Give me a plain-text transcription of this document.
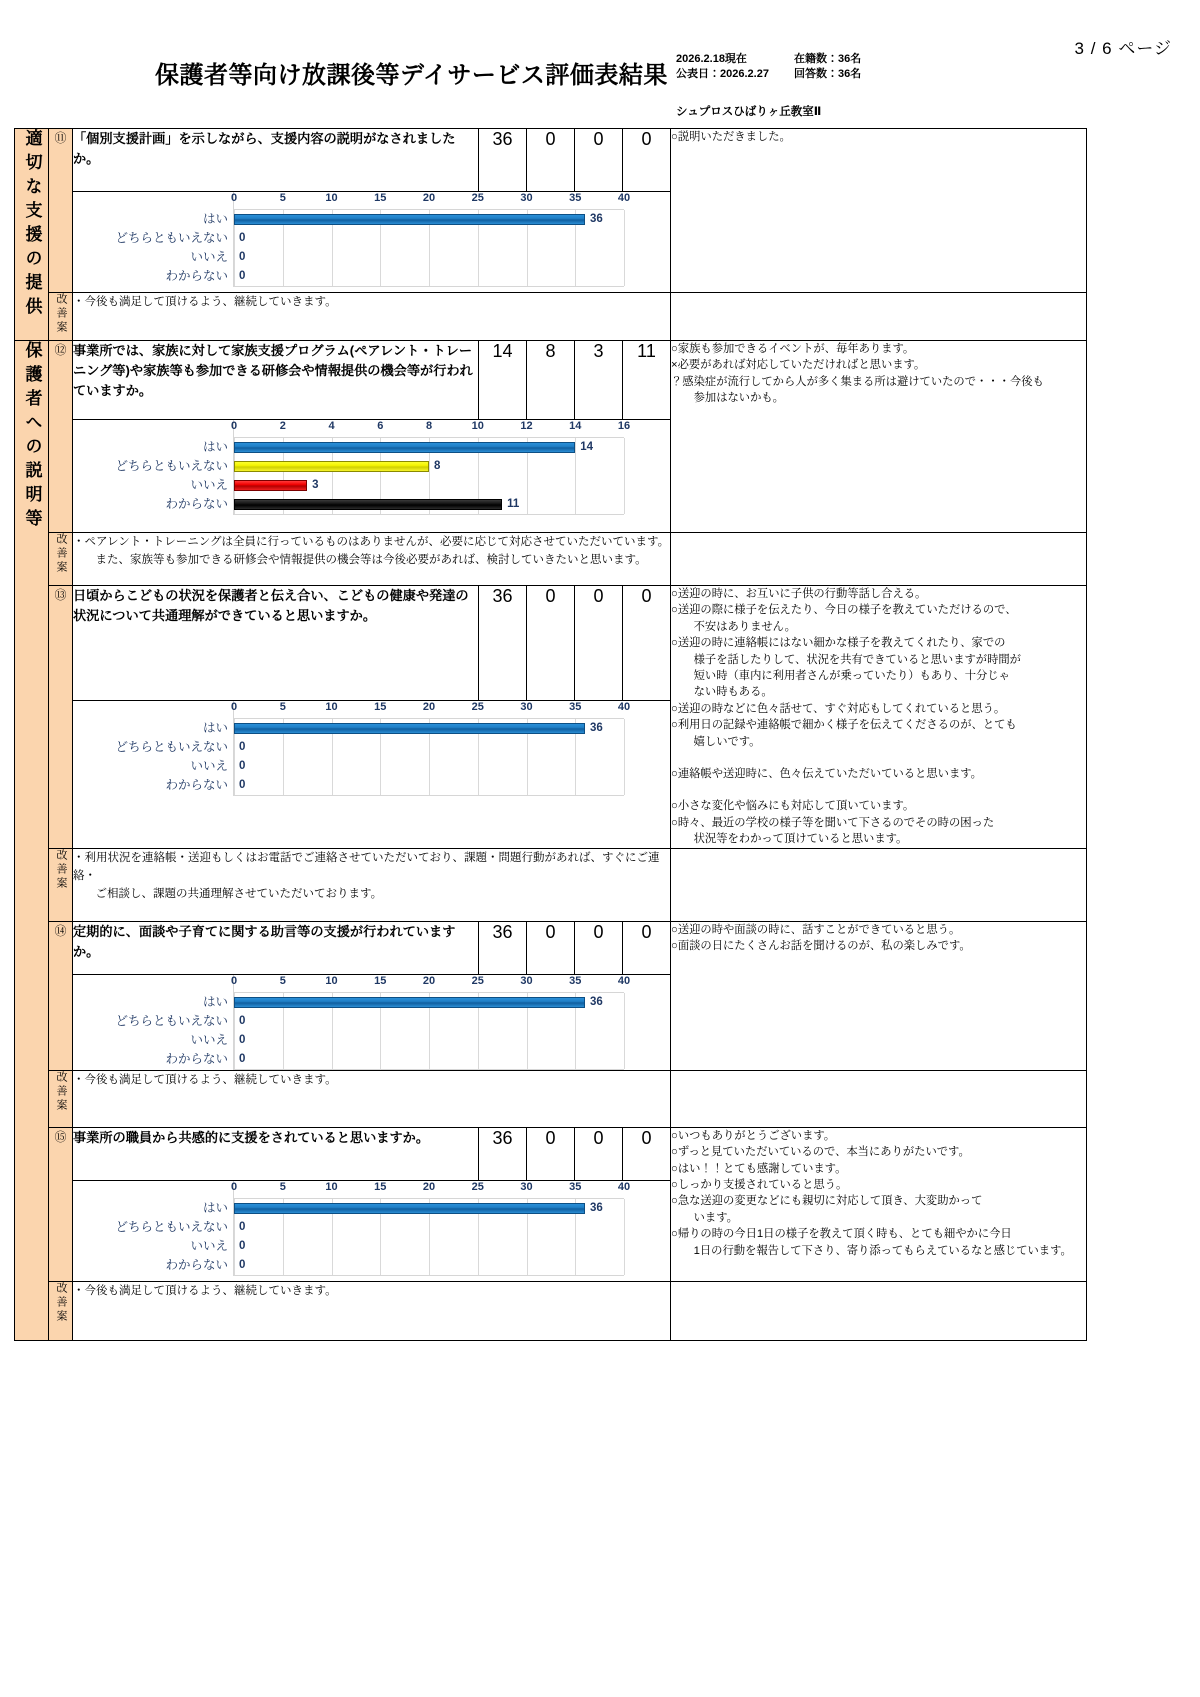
3 / 6 ページ
保護者等向け放課後等デイサービス評価表結果
2026.2.18現在	在籍数：36名
公表日：2026.2.27	回答数：36名
シュプロスひばりヶ丘教室Ⅱ
適切な支援の提供	⑪	「個別支援計画」を示しながら、支援内容の説明がなされましたか。	36	0	0	0	○説明いただきました。

0	5	10	15	20	25	30	35	40
はい	36
どちらともいえない 0
いいえ 0
わからない 0

	改善案	・今後も満足して頂けるよう、継続していきます。					

保護者への説明等	⑫	事業所では、家族に対して家族支援プログラム(ペアレント・トレーニング等)や家族等も参加できる研修会や情報提供の機会等が行われていますか。	14	8	3	11	○家族も参加できるイベントが、毎年あります。

×必要があれば対応していただければと思います。

？感染症が流行してから人が多く集まる所は避けていたので・・・今後も

　　参加はないかも。

0	2	4	6	8	10	12	14	16
はい	14
どちらともいえない	8
いいえ	3
わからない	11

	改善案	・ペアレント・トレーニングは全員に行っているものはありませんが、必要に応じて対応させていただいています。

　また、家族等も参加できる研修会や情報提供の機会等は今後必要があれば、検討していきたいと思います。					

⑬	日頃からこどもの状況を保護者と伝え合い、こどもの健康や発達の状況について共通理解ができていると思いますか。	36	0	0	0	○送迎の時に、お互いに子供の行動等話し合える。

○送迎の際に様子を伝えたり、今日の様子を教えていただけるので、

　　不安はありません。

○送迎の時に連絡帳にはない細かな様子を教えてくれたり、家での

　　様子を話したりして、状況を共有できていると思いますが時間が

　　短い時（車内に利用者さんが乗っていたり）もあり、十分じゃ

　　ない時もある。

○送迎の時などに色々話せて、すぐ対応もしてくれていると思う。

○利用日の記録や連絡帳で細かく様子を伝えてくださるのが、とても

　　嬉しいです。

○連絡帳や送迎時に、色々伝えていただいていると思います。

○小さな変化や悩みにも対応して頂いています。

○時々、最近の学校の様子等を聞いて下さるのでその時の困った

　　状況等をわかって頂けていると思います。

0	5	10	15	20	25	30	35	40
はい	36
どちらともいえない 0
いいえ 0
わからない 0

	改善案	・利用状況を連絡帳・送迎もしくはお電話でご連絡させていただいており、課題・問題行動があれば、すぐにご連絡・

　ご相談し、課題の共通理解させていただいております。					

	⑭	定期的に、面談や子育てに関する助言等の支援が行われていますか。	36	0	0	0	○送迎の時や面談の時に、話すことができていると思う。

○面談の日にたくさんお話を聞けるのが、私の楽しみです。

0	5	10	15	20	25	30	35	40
はい	36
どちらともいえない 0
いいえ 0
わからない 0

	改善案	・今後も満足して頂けるよう、継続していきます。					

⑮	事業所の職員から共感的に支援をされていると思いますか。	36	0	0	0	○いつもありがとうございます。

○ずっと見ていただいているので、本当にありがたいです。

○はい！！とても感謝しています。

○しっかり支援されていると思う。

○急な送迎の変更などにも親切に対応して頂き、大変助かって

　　います。

○帰りの時の今日1日の様子を教えて頂く時も、とても細やかに今日

　　1日の行動を報告して下さり、寄り添ってもらえているなと感じています。

0	5	10	15	20	25	30	35	40
はい	36
どちらともいえない 0
いいえ 0
わからない 0

	改善案	・今後も満足して頂けるよう、継続していきます。					
